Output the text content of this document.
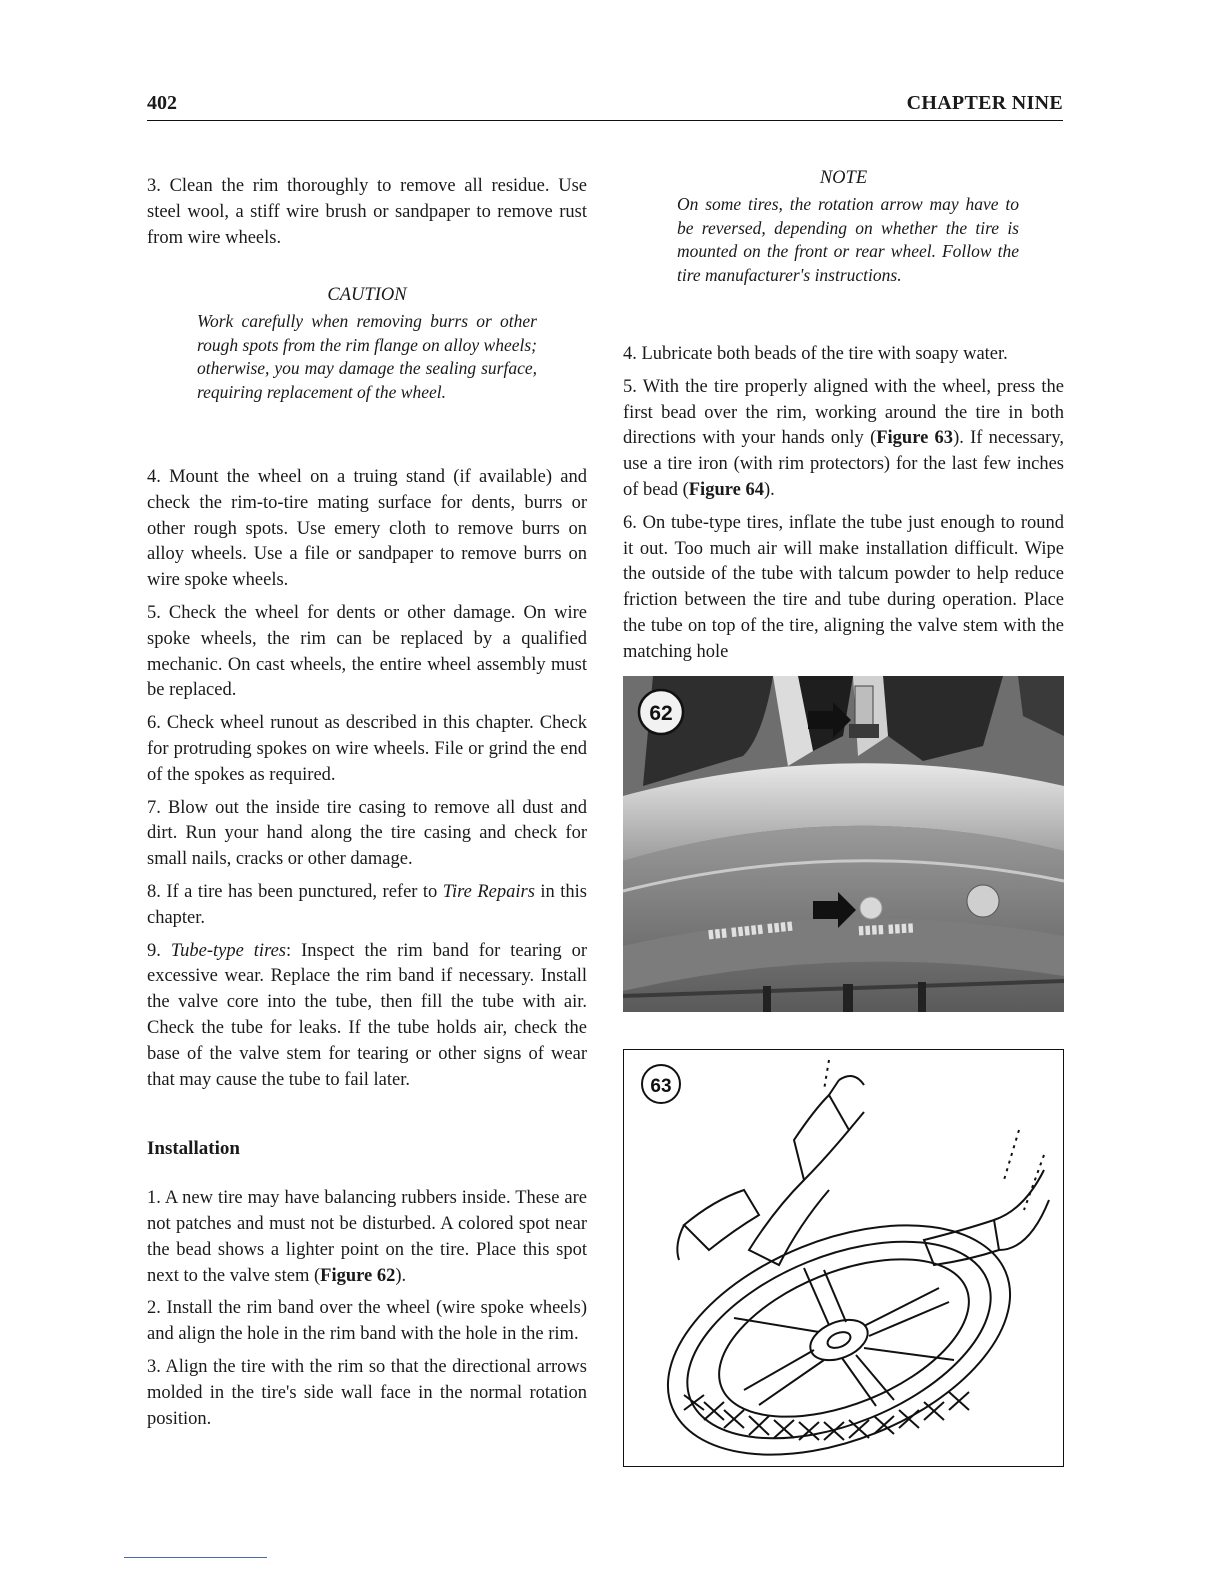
402	CHAPTER NINE

3. Clean the rim thoroughly to remove all residue. Use steel wool, a stiff wire brush or sandpaper to remove rust from wire wheels.

CAUTION
Work carefully when removing burrs or other rough spots from the rim flange on alloy wheels; otherwise, you may damage the sealing surface, requiring replacement of the wheel.

4. Mount the wheel on a truing stand (if available) and check the rim-to-tire mating surface for dents, burrs or other rough spots. Use emery cloth to remove burrs on alloy wheels. Use a file or sandpaper to remove burrs on wire spoke wheels.

5. Check the wheel for dents or other damage. On wire spoke wheels, the rim can be replaced by a qualified mechanic. On cast wheels, the entire wheel assembly must be replaced.

6. Check wheel runout as described in this chapter. Check for protruding spokes on wire wheels. File or grind the end of the spokes as required.

7. Blow out the inside tire casing to remove all dust and dirt. Run your hand along the tire casing and check for small nails, cracks or other damage.

8. If a tire has been punctured, refer to Tire Repairs in this chapter.

9. Tube-type tires: Inspect the rim band for tearing or excessive wear. Replace the rim band if necessary. Install the valve core into the tube, then fill the tube with air. Check the tube for leaks. If the tube holds air, check the base of the valve stem for tearing or other signs of wear that may cause the tube to fail later.

Installation

1. A new tire may have balancing rubbers inside. These are not patches and must not be disturbed. A colored spot near the bead shows a lighter point on the tire. Place this spot next to the valve stem (Figure 62).

2. Install the rim band over the wheel (wire spoke wheels) and align the hole in the rim band with the hole in the rim.

3. Align the tire with the rim so that the directional arrows molded in the tire's side wall face in the normal rotation position.

NOTE
On some tires, the rotation arrow may have to be reversed, depending on whether the tire is mounted on the front or rear wheel. Follow the tire manufacturer's instructions.

4. Lubricate both beads of the tire with soapy water.

5. With the tire properly aligned with the wheel, press the first bead over the rim, working around the tire in both directions with your hands only (Figure 63). If necessary, use a tire iron (with rim protectors) for the last few inches of bead (Figure 64).

6. On tube-type tires, inflate the tube just enough to round it out. Too much air will make installation difficult. Wipe the outside of the tube with talcum powder to help reduce friction between the tire and tube during operation. Place the tube on top of the tire, aligning the valve stem with the matching hole

▮▮▮ ▮▮▮▮▮ ▮▮▮▮	▮▮▮▮ ▮▮▮▮
62
63
